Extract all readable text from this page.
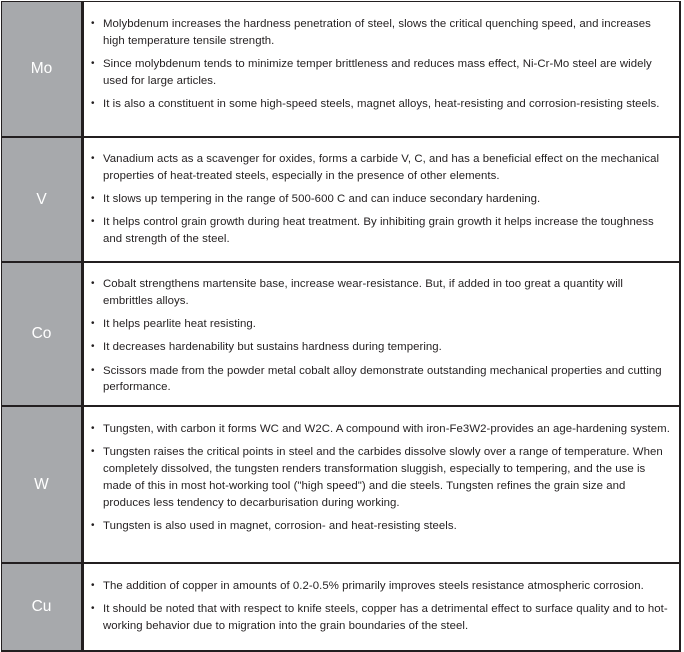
Mo
• Molybdenum increases the hardness penetration of steel, slows the critical quenching speed, and increases high temperature tensile strength.
• Since molybdenum tends to minimize temper brittleness and reduces mass effect, Ni-Cr-Mo steel are widely used for large articles.
• It is also a constituent in some high-speed steels, magnet alloys, heat-resisting and corrosion-resisting steels.
V
• Vanadium acts as a scavenger for oxides, forms a carbide V, C, and has a beneficial effect on the mechanical properties of heat-treated steels, especially in the presence of other elements.
• It slows up tempering in the range of 500-600 C and can induce secondary hardening.
• It helps control grain growth during heat treatment. By inhibiting grain growth it helps increase the toughness and strength of the steel.
Co
• Cobalt strengthens martensite base, increase wear-resistance. But, if added in too great a quantity will embrittles alloys.
• It helps pearlite heat resisting.
• It decreases hardenability but sustains hardness during tempering.
• Scissors made from the powder metal cobalt alloy demonstrate outstanding mechanical properties and cutting performance.
W
• Tungsten, with carbon it forms WC and W2C. A compound with iron-Fe3W2-provides an age-hardening system.
• Tungsten raises the critical points in steel and the carbides dissolve slowly over a range of temperature. When completely dissolved, the tungsten renders transformation sluggish, especially to tempering, and the use is made of this in most hot-working tool ("high speed") and die steels. Tungsten refines the grain size and produces less tendency to decarburisation during working.
• Tungsten is also used in magnet, corrosion- and heat-resisting steels.
Cu
• The addition of copper in amounts of 0.2-0.5% primarily improves steels resistance atmospheric corrosion.
• It should be noted that with respect to knife steels, copper has a detrimental effect to surface quality and to hot-working behavior due to migration into the grain boundaries of the steel.
